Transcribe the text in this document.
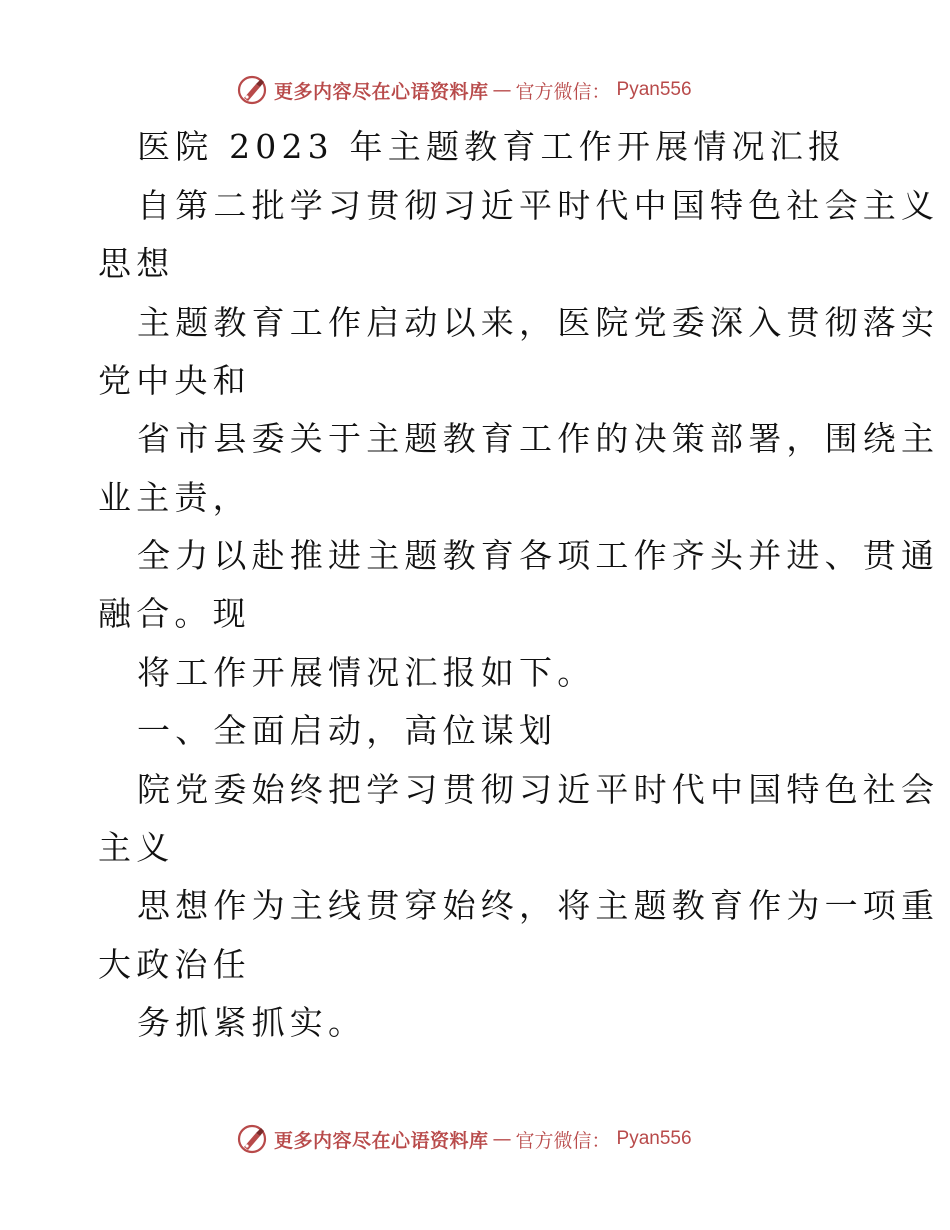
更多内容尽在心语资料库 — 官方微信： Pyan556
医院 2023 年主题教育工作开展情况汇报
自第二批学习贯彻习近平时代中国特色社会主义
思想
主题教育工作启动以来，医院党委深入贯彻落实
党中央和
省市县委关于主题教育工作的决策部署，围绕主
业主责，
全力以赴推进主题教育各项工作齐头并进、贯通
融合。现
将工作开展情况汇报如下。
一、全面启动，高位谋划
院党委始终把学习贯彻习近平时代中国特色社会
主义
思想作为主线贯穿始终，将主题教育作为一项重
大政治任
务抓紧抓实。
更多内容尽在心语资料库 — 官方微信： Pyan556
